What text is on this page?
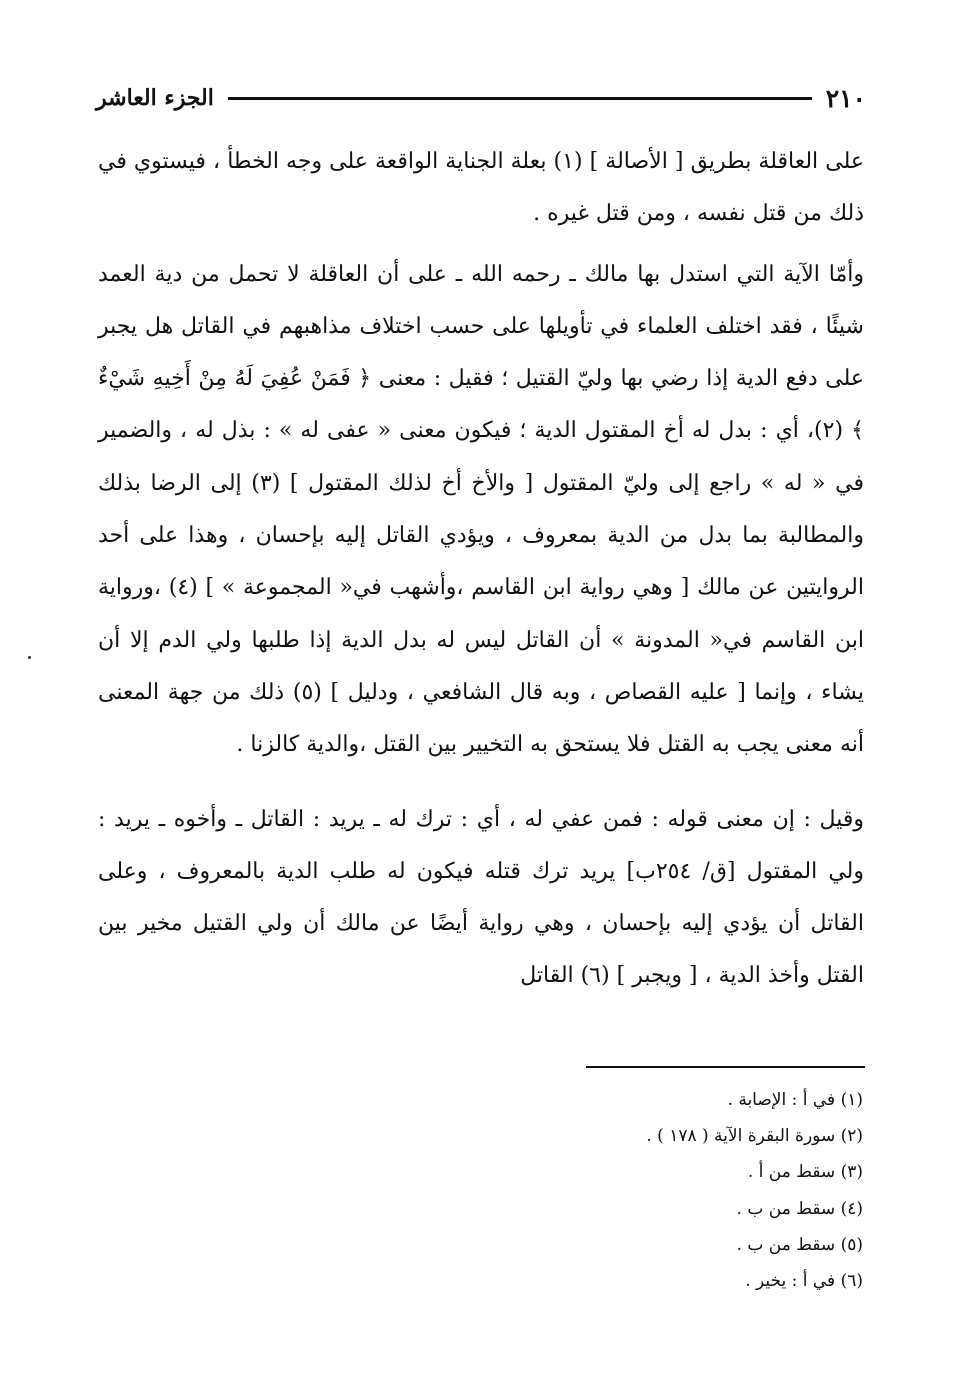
٢١٠
الجزء العاشر

على العاقلة بطريق [ الأصالة ] (١) بعلة الجناية الواقعة على وجه الخطأ ، فيستوي في ذلك من قتل نفسه ، ومن قتل غيره .

وأمّا الآية التي استدل بها مالك ـ رحمه الله ـ على أن العاقلة لا تحمل من دية العمد شيئًا ، فقد اختلف العلماء في تأويلها على حسب اختلاف مذاهبهم في القاتل هل يجبر على دفع الدية إذا رضي بها وليّ القتيل ؛ فقيل : معنى ﴿ فَمَنْ عُفِيَ لَهُ مِنْ أَخِيهِ شَيْءٌ ﴾ (٢)، أي : بدل له أخ المقتول الدية ؛ فيكون معنى « عفى له » : بذل له ، والضمير في « له » راجع إلى وليّ المقتول [ والأخ أخ لذلك المقتول ] (٣) إلى الرضا بذلك والمطالبة بما بدل من الدية بمعروف ، ويؤدي القاتل إليه بإحسان ، وهذا على أحد الروايتين عن مالك [ وهي رواية ابن القاسم ،وأشهب في« المجموعة » ] (٤) ،ورواية ابن القاسم في« المدونة » أن القاتل ليس له بدل الدية إذا طلبها ولي الدم إلا أن يشاء ، وإنما [ عليه القصاص ، وبه قال الشافعي ، ودليل ] (٥) ذلك من جهة المعنى أنه معنى يجب به القتل فلا يستحق به التخيير بين القتل ،والدية كالزنا .

وقيل : إن معنى قوله : فمن عفي له ، أي : ترك له ـ يريد : القاتل ـ وأخوه ـ يريد : ولي المقتول [ق/ ٢٥٤ب] يريد ترك قتله فيكون له طلب الدية بالمعروف ، وعلى القاتل أن يؤدي إليه بإحسان ، وهي رواية أيضًا عن مالك أن ولي القتيل مخير بين القتل وأخذ الدية ، [ ويجبر ] (٦) القاتل

(١) في أ : الإصابة .
(٢) سورة البقرة الآية ( ١٧٨ ) .
(٣) سقط من أ .
(٤) سقط من ب .
(٥) سقط من ب .
(٦) في أ : يخير .
